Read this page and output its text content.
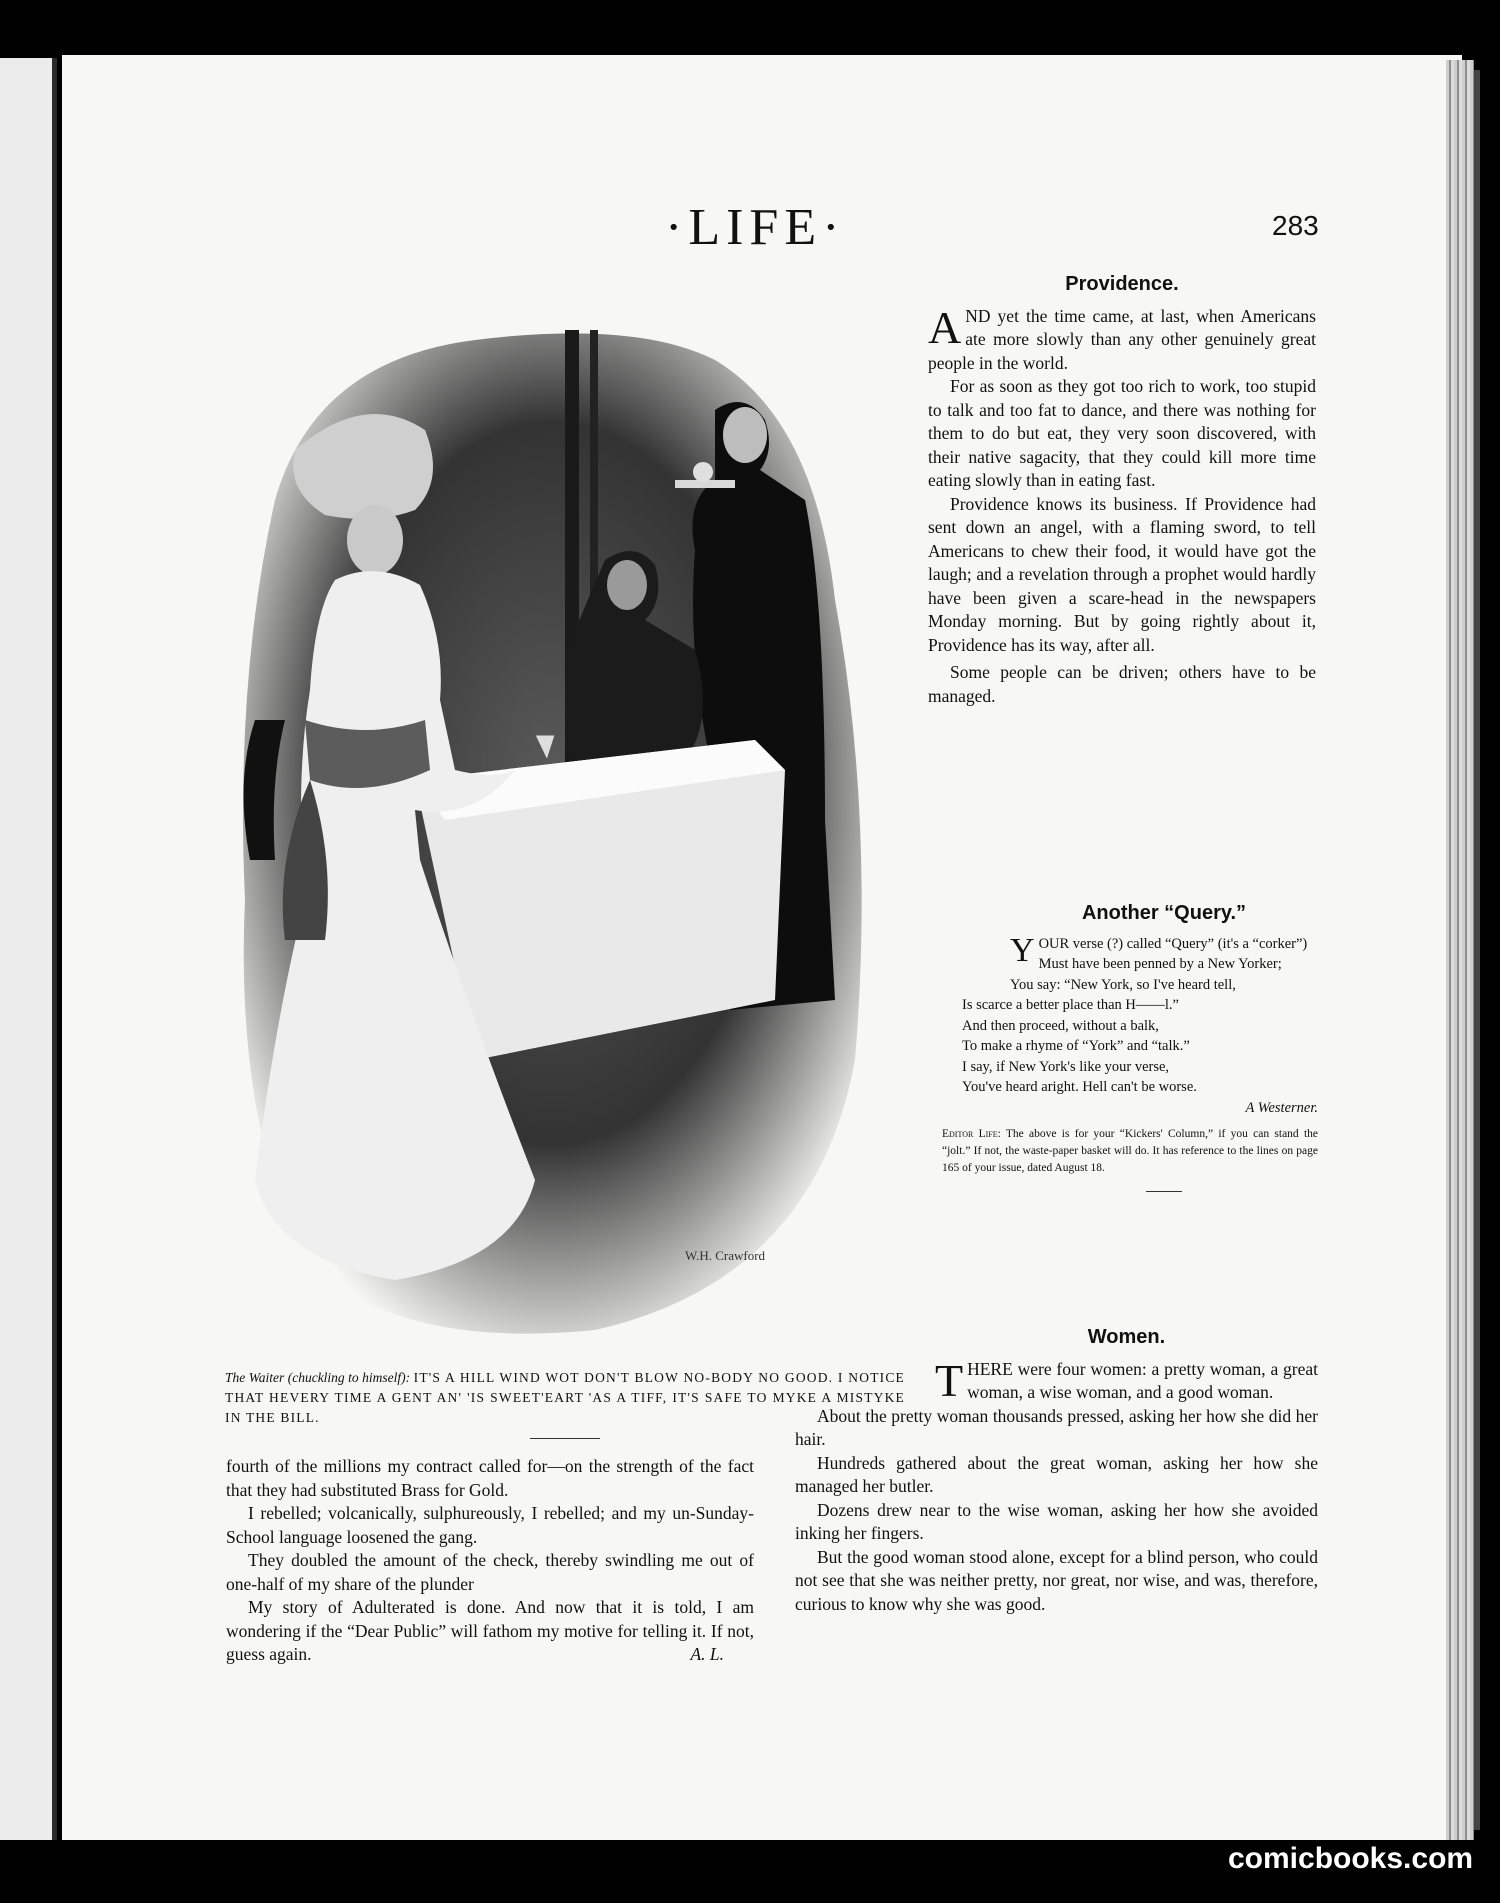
·LIFE·	283
W.H. Crawford
The Waiter (chuckling to himself): IT'S A HILL WIND WOT DON'T BLOW NO-BODY NO GOOD. I NOTICE THAT HEVERY TIME A GENT AN' 'IS SWEET'EART 'AS A TIFF, IT'S SAFE TO MYKE A MISTYKE IN THE BILL.

fourth of the millions my contract called for—on the strength of the fact that they had substituted Brass for Gold.

I rebelled; volcanically, sulphureously, I rebelled; and my un-Sunday-School language loosened the gang.

They doubled the amount of the check, thereby swindling me out of one-half of my share of the plunder

My story of Adulterated is done. And now that it is told, I am wondering if the “Dear Public” will fathom my motive for telling it. If not, guess again.	A. L.

Providence.

AND yet the time came, at last, when Americans ate more slowly than any other genuinely great people in the world.

For as soon as they got too rich to work, too stupid to talk and too fat to dance, and there was nothing for them to do but eat, they very soon discovered, with their native sagacity, that they could kill more time eating slowly than in eating fast.

Providence knows its business. If Providence had sent down an angel, with a flaming sword, to tell Americans to chew their food, it would have got the laugh; and a revelation through a prophet would hardly have been given a scare-head in the newspapers Monday morning. But by going rightly about it, Providence has its way, after all.

Some people can be driven; others have to be managed.

Another “Query.”

YOUR verse (?) called “Query” (it's a “corker”)

Must have been penned by a New Yorker;

You say: “New York, so I've heard tell,

Is scarce a better place than H——l.”

And then proceed, without a balk,

To make a rhyme of “York” and “talk.”

I say, if New York's like your verse,

You've heard aright. Hell can't be worse.

A Westerner.

Editor Life: The above is for your “Kickers' Column,” if you can stand the “jolt.” If not, the waste-paper basket will do. It has reference to the lines on page 165 of your issue, dated August 18.

Women.

THERE were four women: a pretty woman, a great woman, a wise woman, and a good woman.

About the pretty woman thousands pressed, asking her how she did her hair.

Hundreds gathered about the great woman, asking her how she managed her butler.

Dozens drew near to the wise woman, asking her how she avoided inking her fingers.

But the good woman stood alone, except for a blind person, who could not see that she was neither pretty, nor great, nor wise, and was, therefore, curious to know why she was good.

comicbooks.com
